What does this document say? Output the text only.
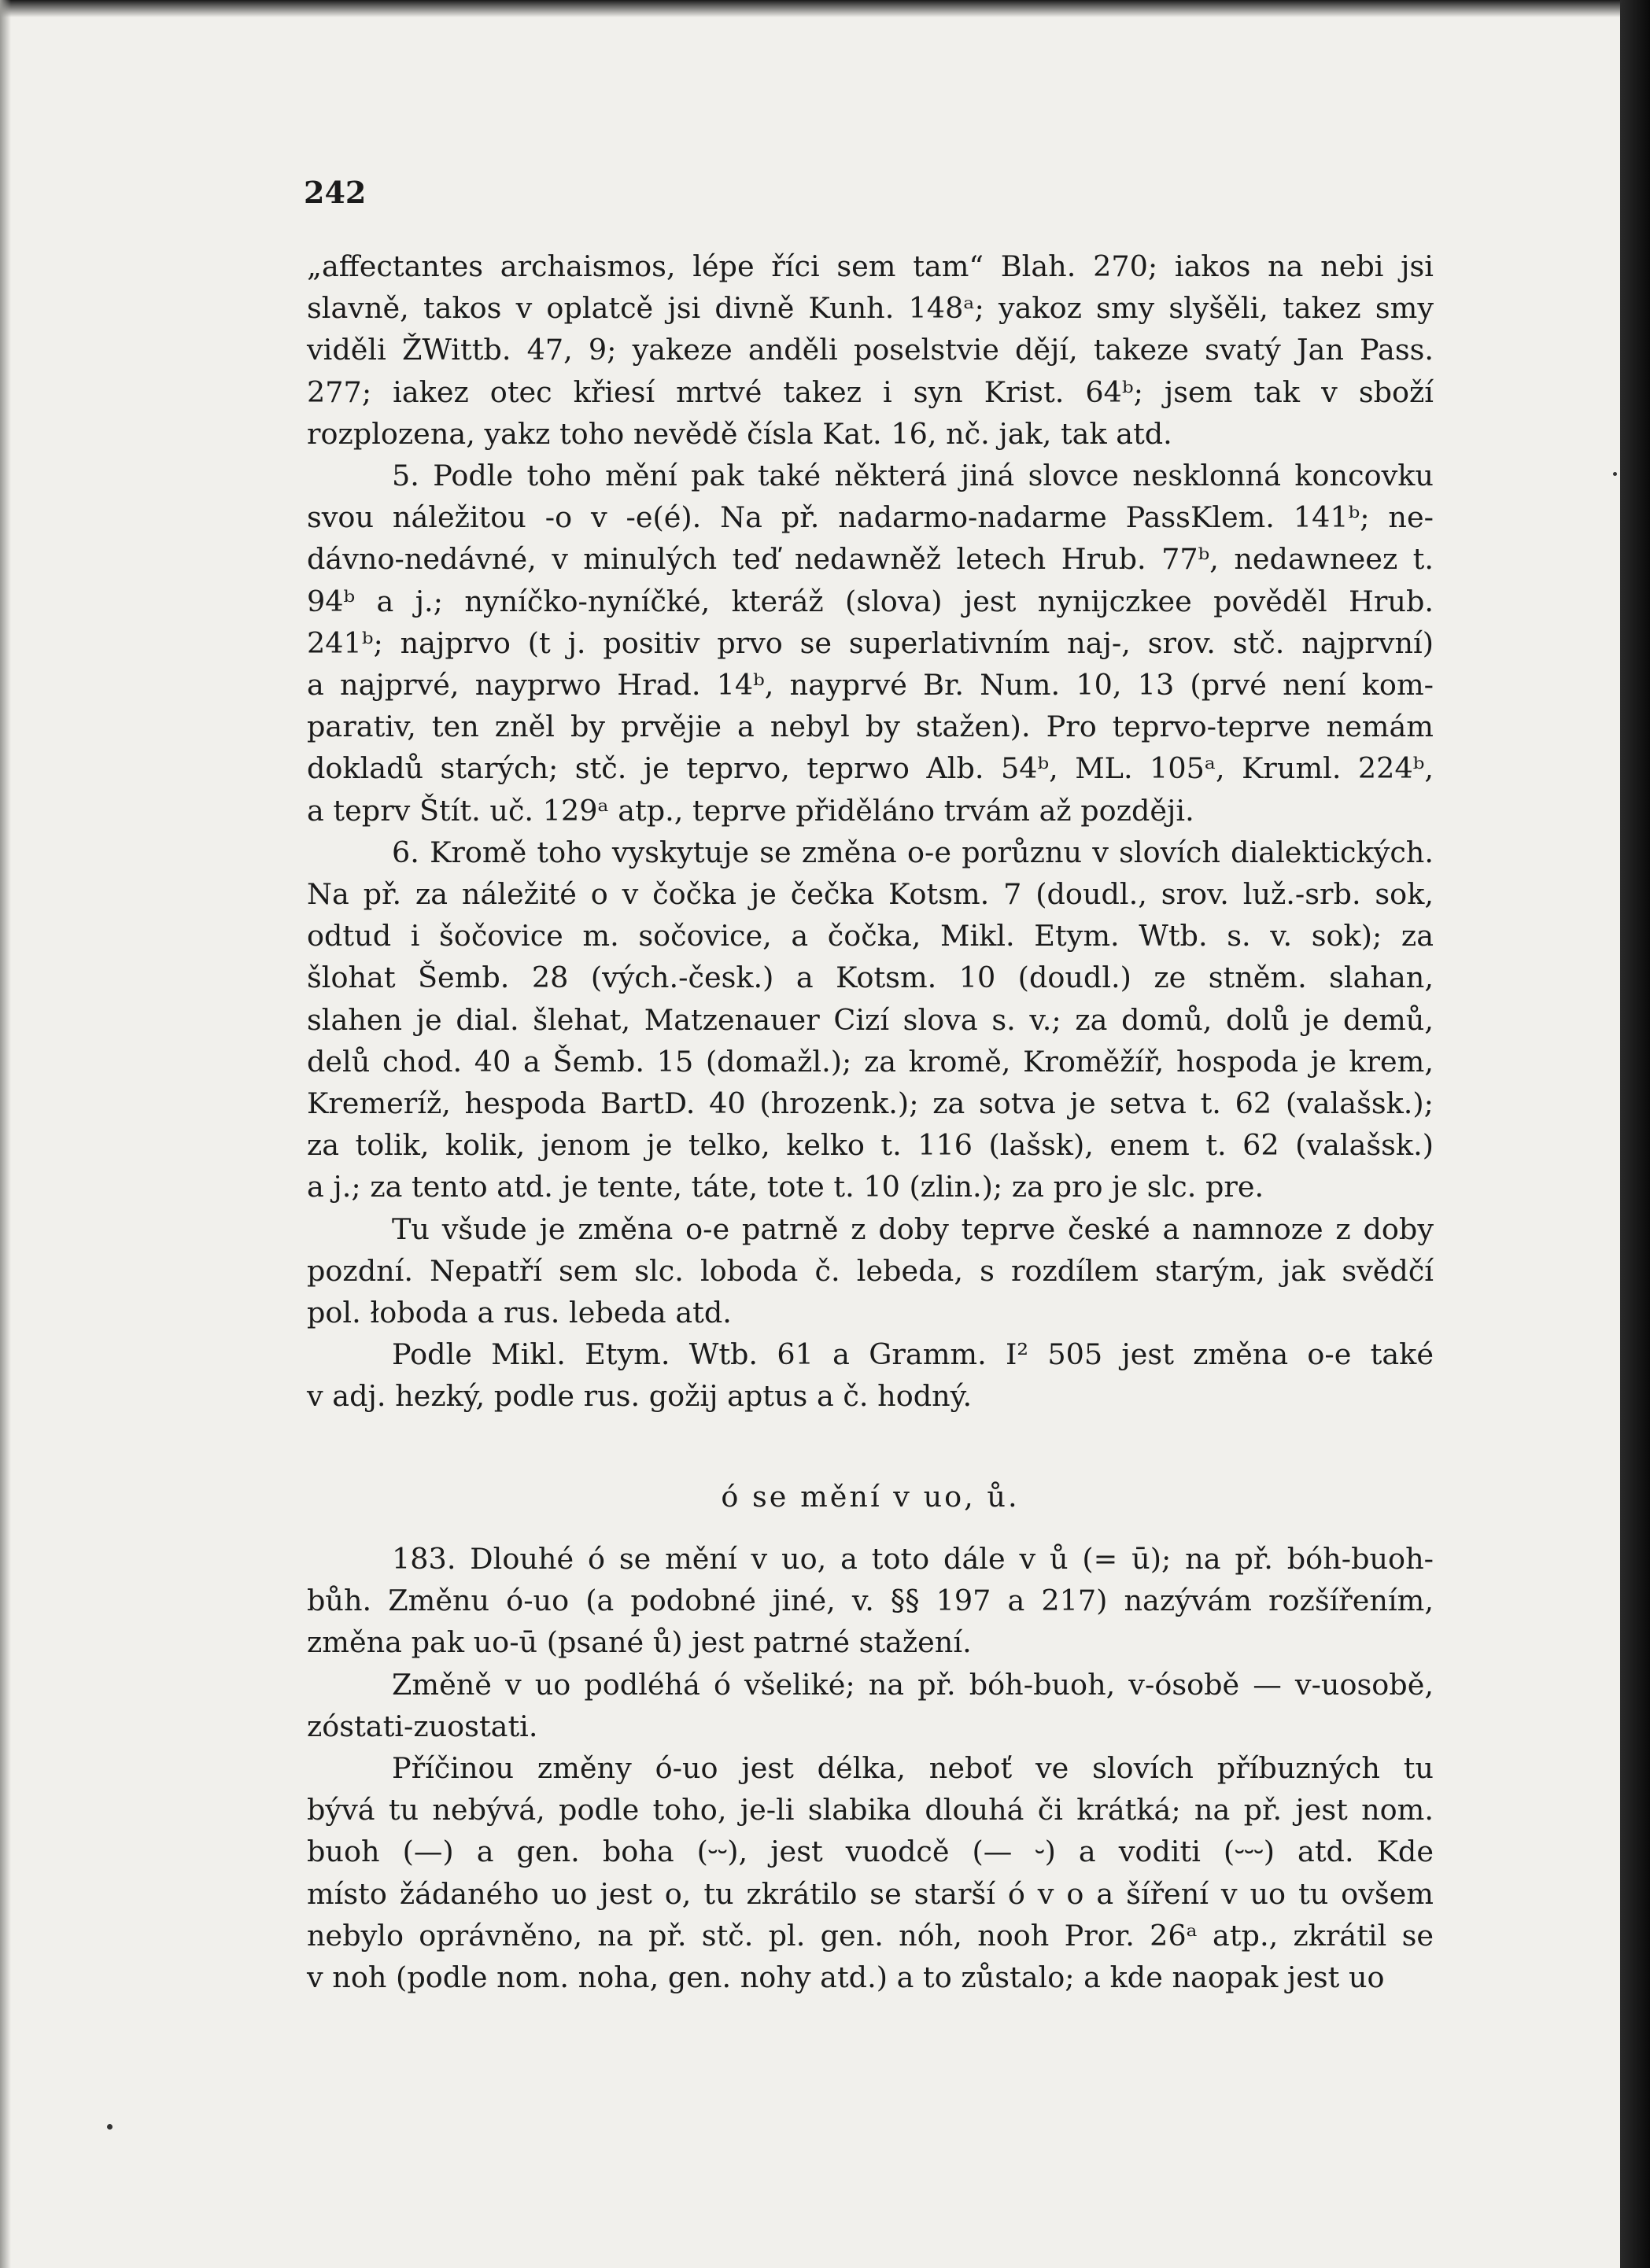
242
„affectantes archaismos, lépe říci sem tam“ Blah. 270; iakos na nebi jsi
slavně, takos v oplatcě jsi divně Kunh. 148ᵃ; yakoz smy slyšěli, takez smy
viděli ŽWittb. 47, 9; yakeze anděli poselstvie dějí, takeze svatý Jan Pass.
277; iakez otec křiesí mrtvé takez i syn Krist. 64ᵇ; jsem tak v sboží
rozplozena, yakz toho nevědě čísla Kat. 16, nč. jak, tak atd.
5. Podle toho mění pak také některá jiná slovce nesklonná koncovku
svou náležitou -o v -e(é). Na př. nadarmo-nadarme PassKlem. 141ᵇ; ne-
dávno-nedávné, v minulých teď nedawněž letech Hrub. 77ᵇ, nedawneez t.
94ᵇ a j.; nyníčko-nyníčké, kteráž (slova) jest nynijczkee pověděl Hrub.
241ᵇ; najprvo (t j. positiv prvo se superlativním naj-, srov. stč. najprvní)
a najprvé, nayprwo Hrad. 14ᵇ, nayprvé Br. Num. 10, 13 (prvé není kom-
parativ, ten zněl by prvějie a nebyl by stažen). Pro teprvo-teprve nemám
dokladů starých; stč. je teprvo, teprwo Alb. 54ᵇ, ML. 105ᵃ, Kruml. 224ᵇ,
a teprv Štít. uč. 129ᵃ atp., teprve přiděláno trvám až později.
6. Kromě toho vyskytuje se změna o-e porůznu v slovích dialektických.
Na př. za náležité o v čočka je čečka Kotsm. 7 (doudl., srov. luž.-srb. sok,
odtud i šočovice m. sočovice, a čočka, Mikl. Etym. Wtb. s. v. sok); za
šlohat Šemb. 28 (vých.-česk.) a Kotsm. 10 (doudl.) ze stněm. slahan,
slahen je dial. šlehat, Matzenauer Cizí slova s. v.; za domů, dolů je demů,
delů chod. 40 a Šemb. 15 (domažl.); za kromě, Kroměžíř, hospoda je krem,
Kremeríž, hespoda BartD. 40 (hrozenk.); za sotva je setva t. 62 (valašsk.);
za tolik, kolik, jenom je telko, kelko t. 116 (lašsk), enem t. 62 (valašsk.)
a j.; za tento atd. je tente, táte, tote t. 10 (zlin.); za pro je slc. pre.
Tu všude je změna o-e patrně z doby teprve české a namnoze z doby
pozdní. Nepatří sem slc. loboda č. lebeda, s rozdílem starým, jak svědčí
pol. łoboda a rus. lebeda atd.
Podle Mikl. Etym. Wtb. 61 a Gramm. I² 505 jest změna o-e také
v adj. hezký, podle rus. gožij aptus a č. hodný.
ó se mění v uo, ů.
183. Dlouhé ó se mění v uo, a toto dále v ů (= ū); na př. bóh-buoh-
bůh. Změnu ó-uo (a podobné jiné, v. §§ 197 a 217) nazývám rozšířením,
změna pak uo-ū (psané ů) jest patrné stažení.
Změně v uo podléhá ó všeliké; na př. bóh-buoh, v-ósobě — v-uosobě,
zóstati-zuostati.
Příčinou změny ó-uo jest délka, neboť ve slovích příbuzných tu
bývá tu nebývá, podle toho, je-li slabika dlouhá či krátká; na př. jest nom.
buoh (—) a gen. boha (⏑⏑), jest vuodcě (— ⏑) a voditi (⏑⏑⏑) atd. Kde
místo žádaného uo jest o, tu zkrátilo se starší ó v o a šíření v uo tu ovšem
nebylo oprávněno, na př. stč. pl. gen. nóh, nooh Pror. 26ᵃ atp., zkrátil se
v noh (podle nom. noha, gen. nohy atd.) a to zůstalo; a kde naopak jest uo
